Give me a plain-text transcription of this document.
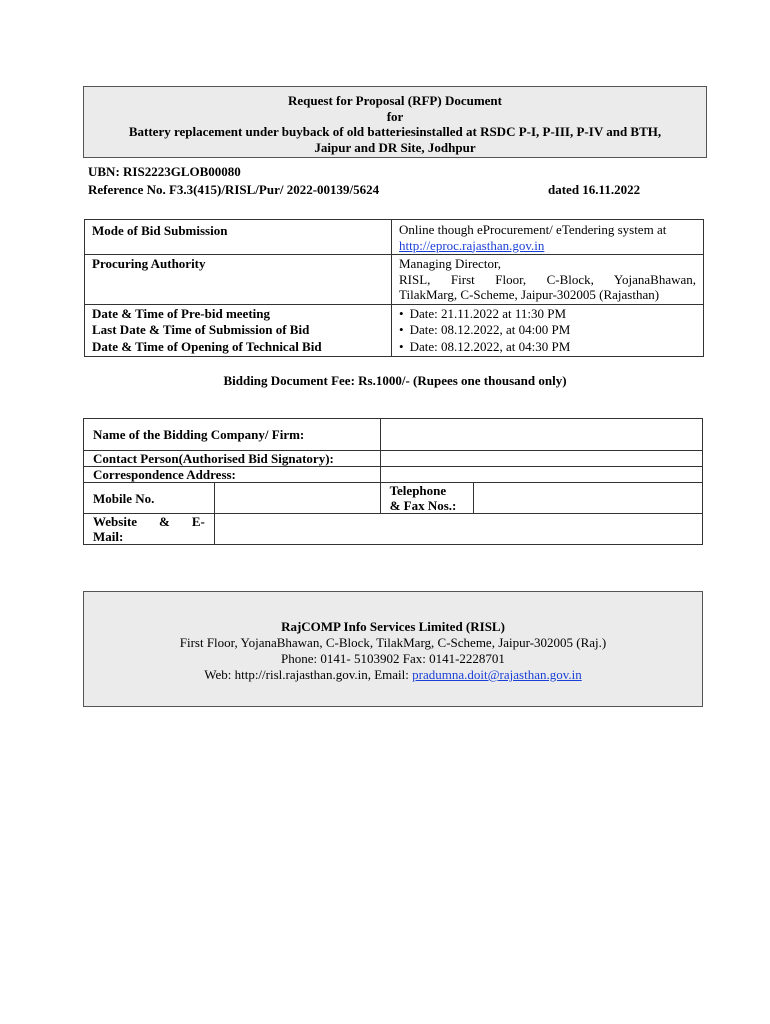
Request for Proposal (RFP) Document
for
Battery replacement under buyback of old batteriesinstalled at RSDC P-I, P-III, P-IV and BTH,
Jaipur and DR Site, Jodhpur
UBN: RIS2223GLOB00080
Reference No. F3.3(415)/RISL/Pur/ 2022-00139/5624	dated 16.11.2022
Mode of Bid Submission	Online though eProcurement/ eTendering system at
http://eproc.rajasthan.gov.in

Procuring Authority	Managing Director,
RISL, First Floor, C-Block, YojanaBhawan,
TilakMarg, C-Scheme, Jaipur-302005 (Rajasthan)

Date & Time of Pre-bid meeting	• Date: 21.11.2022 at 11:30 PM
Last Date & Time of Submission of Bid	• Date: 08.12.2022, at 04:00 PM
Date & Time of Opening of Technical Bid	• Date: 08.12.2022, at 04:30 PM
Bidding Document Fee: Rs.1000/- (Rupees one thousand only)
Name of the Bidding Company/ Firm:			
Contact Person(Authorised Bid Signatory):			
Correspondence Address:			
Mobile No.		Telephone
& Fax Nos.:	

Website & E-
Mail:			

RajCOMP Info Services Limited (RISL)
First Floor, YojanaBhawan, C-Block, TilakMarg, C-Scheme, Jaipur-302005 (Raj.)
Phone: 0141- 5103902 Fax: 0141-2228701
Web: http://risl.rajasthan.gov.in, Email: pradumna.doit@rajasthan.gov.in
